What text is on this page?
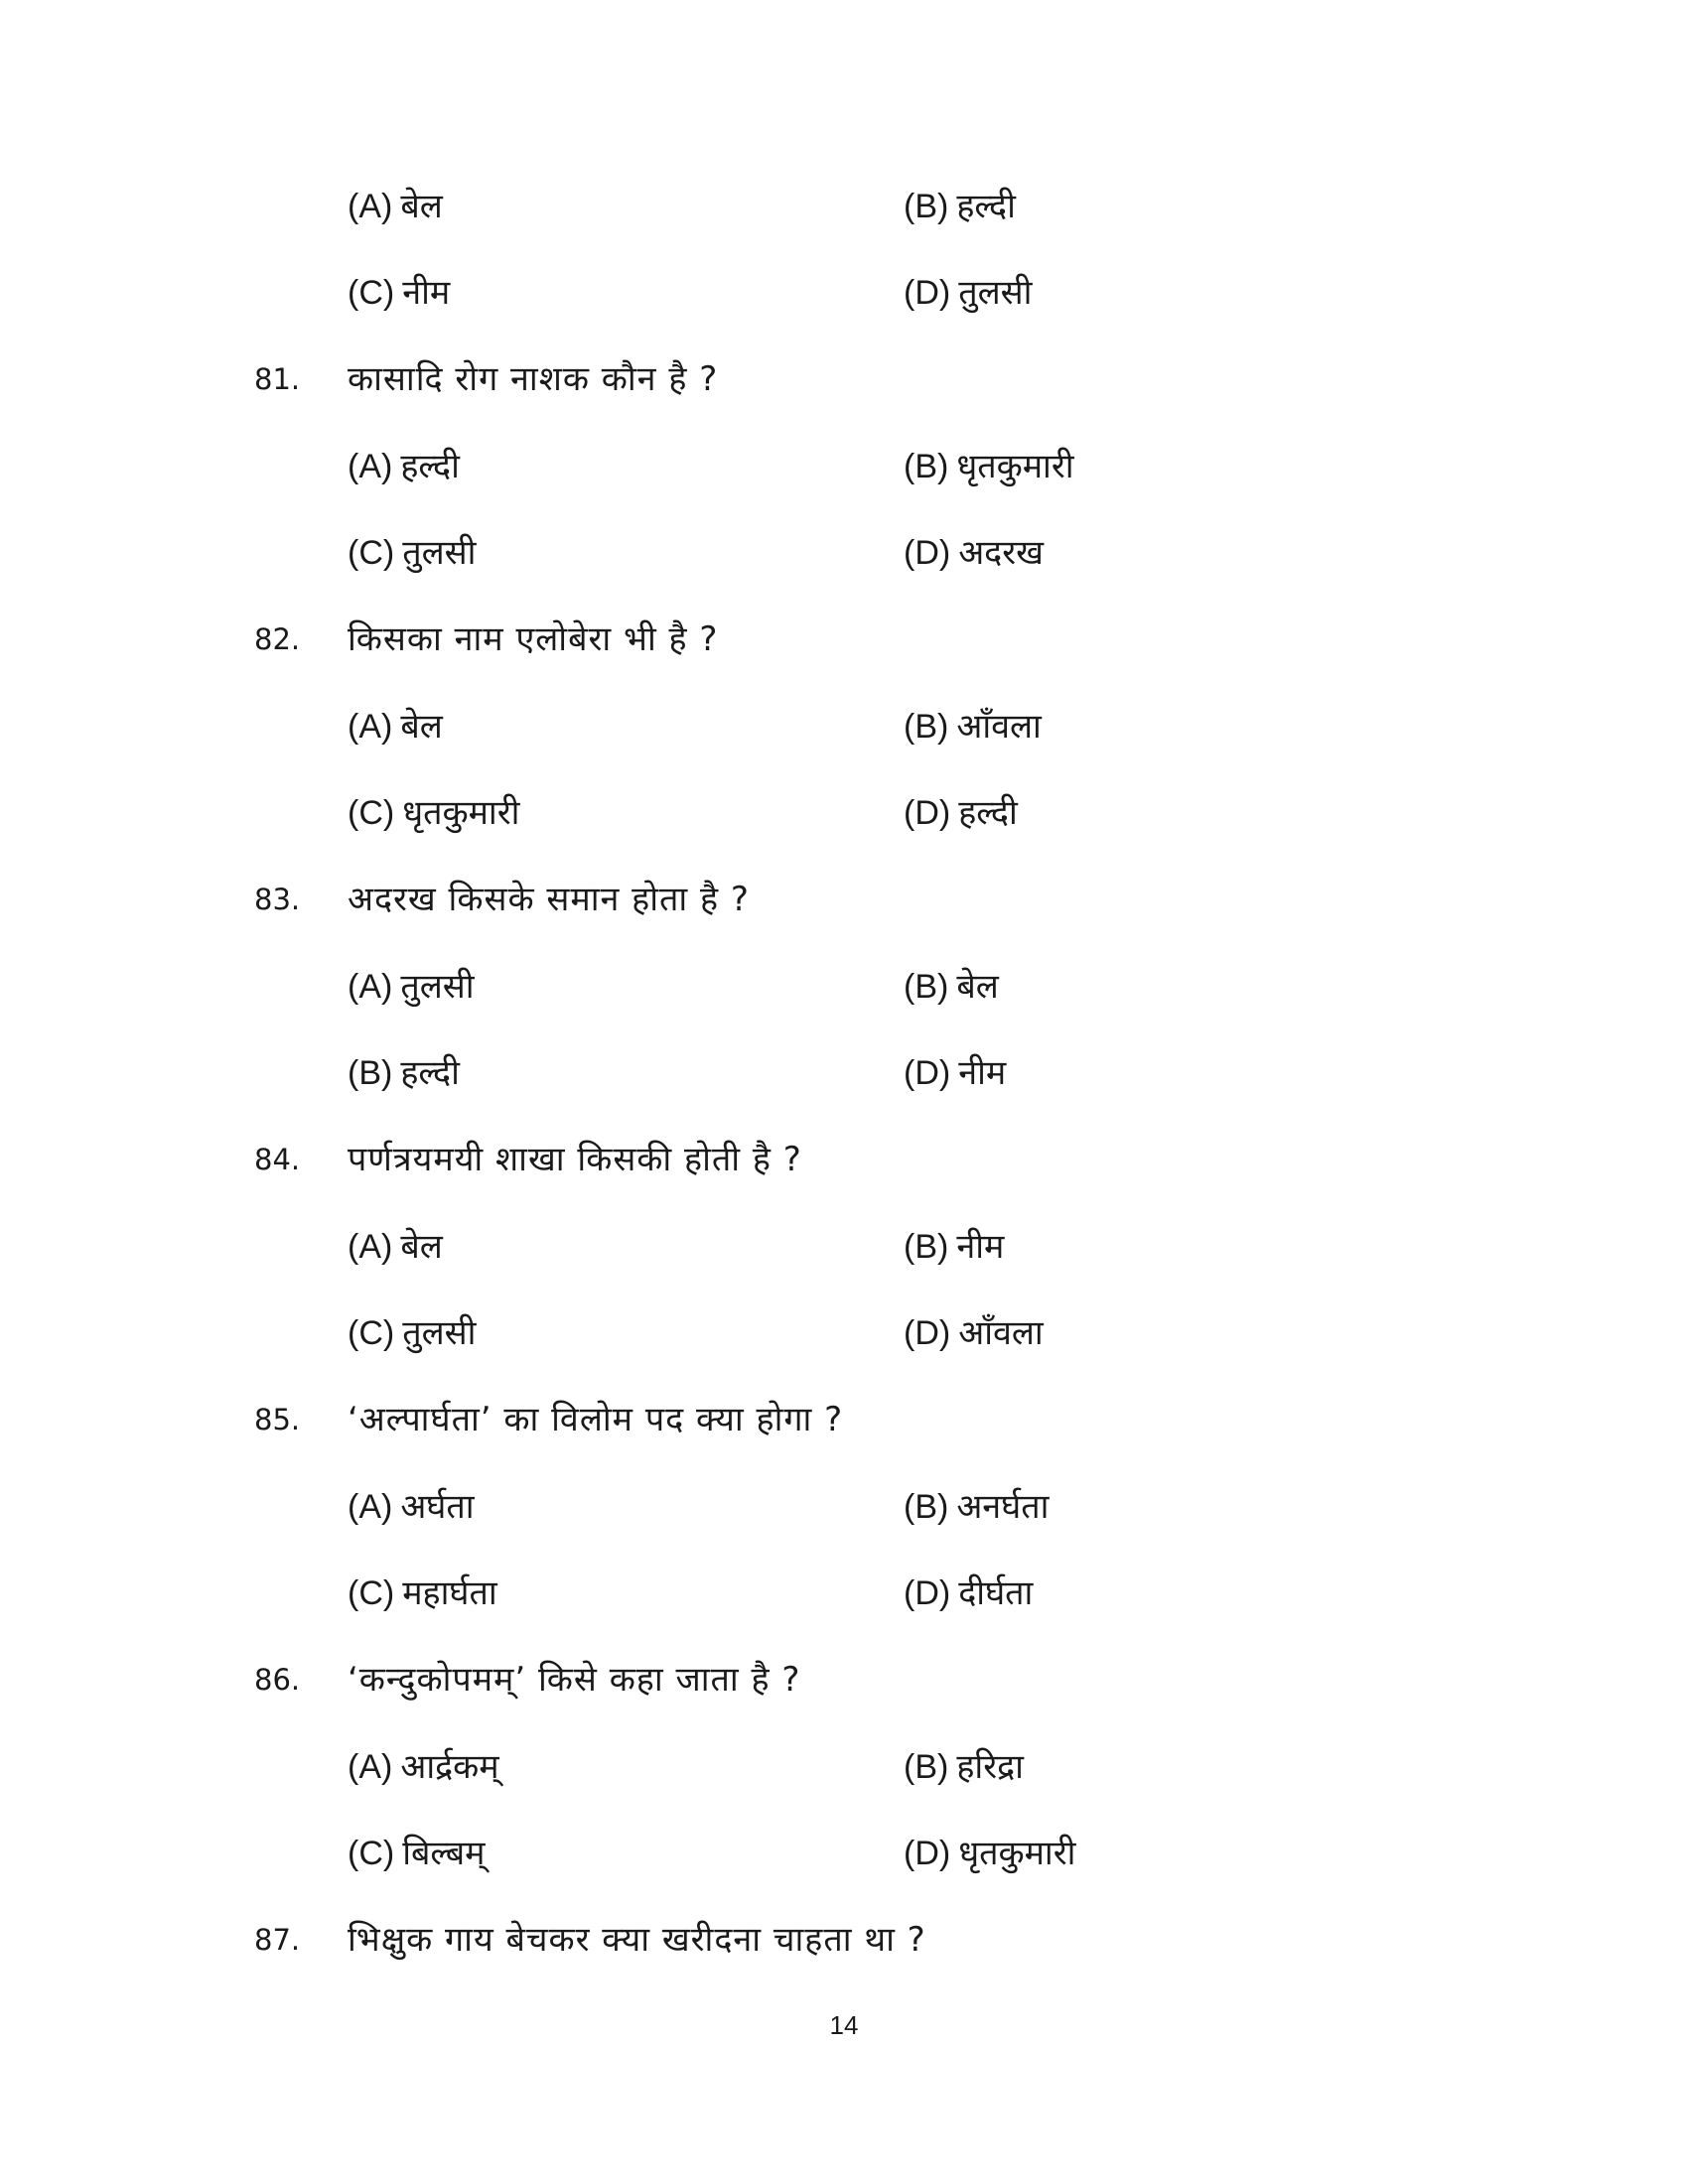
(A) बेल	(B) हल्दी
(C) नीम	(D) तुलसी
81. कासादि रोग नाशक कौन है ?
(A) हल्दी	(B) धृतकुमारी
(C) तुलसी	(D) अदरख
82. किसका नाम एलोबेरा भी है ?
(A) बेल	(B) आँवला
(C) धृतकुमारी	(D) हल्दी
83. अदरख किसके समान होता है ?
(A) तुलसी	(B) बेल
(B) हल्दी	(D) नीम
84. पर्णत्रयमयी शाखा किसकी होती है ?
(A) बेल	(B) नीम
(C) तुलसी	(D) आँवला
85. ‘अल्पार्घता’ का विलोम पद क्या होगा ?
(A) अर्घता	(B) अनर्घता
(C) महार्घता	(D) दीर्घता
86. ‘कन्दुकोपमम्’ किसे कहा जाता है ?
(A) आर्द्रकम्	(B) हरिद्रा
(C) बिल्बम्	(D) धृतकुमारी
87. भिक्षुक गाय बेचकर क्या खरीदना चाहता था ?
14
